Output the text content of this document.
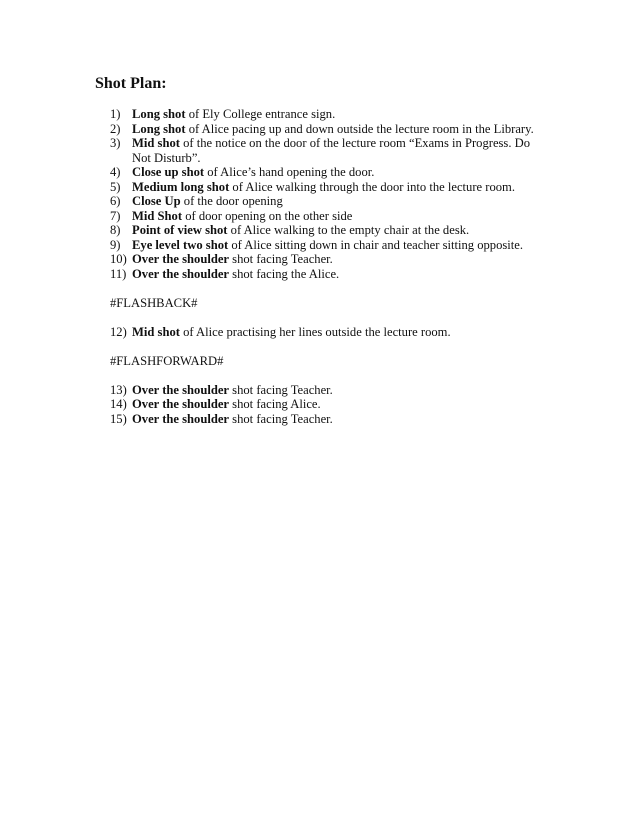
Shot Plan:
1) Long shot of Ely College entrance sign.
2) Long shot of Alice pacing up and down outside the lecture room in the Library.
3) Mid shot of the notice on the door of the lecture room “Exams in Progress. Do Not Disturb”.
4) Close up shot of Alice’s hand opening the door.
5) Medium long shot of Alice walking through the door into the lecture room.
6) Close Up of the door opening
7) Mid Shot of door opening on the other side
8) Point of view shot of Alice walking to the empty chair at the desk.
9) Eye level two shot of Alice sitting down in chair and teacher sitting opposite.
10) Over the shoulder shot facing Teacher.
11) Over the shoulder shot facing the Alice.

#FLASHBACK#

12) Mid shot of Alice practising her lines outside the lecture room.

#FLASHFORWARD#

13) Over the shoulder shot facing Teacher.
14) Over the shoulder shot facing Alice.
15) Over the shoulder shot facing Teacher.
